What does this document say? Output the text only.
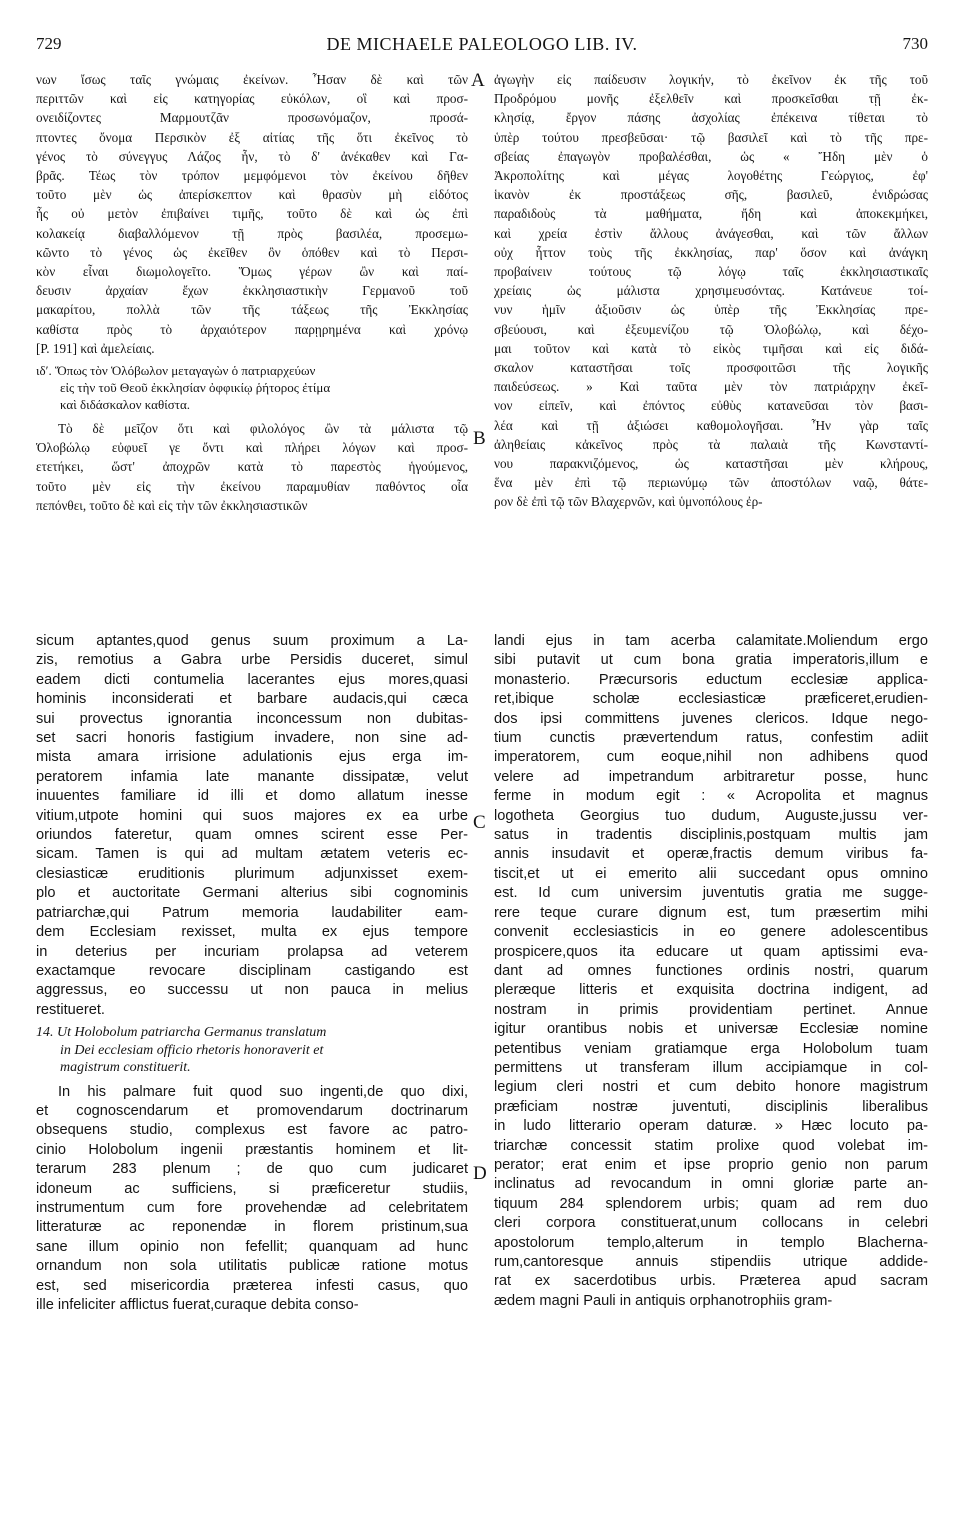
729	DE MICHAELE PALEOLOGO LIB. IV.	730
A
B
C
D
νων ἴσως ταῖς γνώμαις ἐκείνων. Ἦσαν δὲ καὶ τῶν
περιττῶν καὶ εἰς κατηγορίας εὐκόλων, οἳ καὶ προσ-
ονειδίζοντες Μαρμουτζᾶν προσωνόμαζον, προσά-
πτοντες ὄνομα Περσικὸν ἐξ αἰτίας τῆς ὅτι ἐκεῖνος τὸ
γένος τὸ σύνεγγυς Λάζος ἦν, τὸ δ' ἀνέκαθεν καὶ Γα-
βρᾶς. Τέως τὸν τρόπον μεμφόμενοι τὸν ἐκείνου δῆθεν
τοῦτο μὲν ὡς ἀπερίσκεπτον καὶ θρασὺν μὴ εἰδότος
ἧς οὐ μετὸν ἐπιβαίνει τιμῆς, τοῦτο δὲ καὶ ὡς ἐπὶ
κολακείᾳ διαβαλλόμενον τῇ πρὸς βασιλέα, προσεμω-
κῶντο τὸ γένος ὡς ἐκεῖθεν ὂν ὁπόθεν καὶ τὸ Περσι-
κὸν εἶναι διωμολογεῖτο. Ὅμως γέρων ὢν καὶ παί-
δευσιν ἀρχαίαν ἔχων ἐκκλησιαστικὴν Γερμανοῦ τοῦ
μακαρίτου, πολλὰ τῶν τῆς τάξεως τῆς Ἐκκλησίας
καθίστα πρὸς τὸ ἀρχαιότερον παρῃρημένα καὶ χρόνῳ
[P. 191] καὶ ἀμελείαις.
ιδʹ. Ὅπως τὸν Ὁλόβωλον μεταγαγὼν ὁ πατριαρχεύων
εἰς τὴν τοῦ Θεοῦ ἐκκλησίαν ὀφφικίῳ ῥήτορος ἐτίμα
καὶ διδάσκαλον καθίστα.
Τὸ δὲ μεῖζον ὅτι καὶ φιλολόγος ὢν τὰ μάλιστα τῷ
Ὁλοβώλῳ εὐφυεῖ γε ὄντι καὶ πλήρει λόγων καὶ προσ-
ετετήκει, ὥστ' ἀποχρῶν κατὰ τὸ παρεστὸς ἡγούμενος,
τοῦτο μὲν εἰς τὴν ἐκείνου παραμυθίαν παθόντος οἷα
πεπόνθει, τοῦτο δὲ καὶ εἰς τὴν τῶν ἐκκλησιαστικῶν
ἀγωγὴν εἰς παίδευσιν λογικήν, τὸ ἐκεῖνον ἐκ τῆς τοῦ
Προδρόμου μονῆς ἐξελθεῖν καὶ προσκεῖσθαι τῇ ἐκ-
κλησίᾳ, ἔργον πάσης ἀσχολίας ἐπέκεινα τίθεται τὸ
ὑπὲρ τούτου πρεσβεῦσαι· τῷ βασιλεῖ καὶ τὸ τῆς πρε-
σβείας ἐπαγωγὸν προβαλέσθαι, ὡς « Ἤδη μὲν ὁ
Ἀκροπολίτης καὶ μέγας λογοθέτης Γεώργιος, ἐφ'
ἱκανὸν ἐκ προστάξεως σῆς, βασιλεῦ, ἐνιδρώσας
παραδιδοὺς τὰ μαθήματα, ἤδη καὶ ἀποκεκμήκει,
καὶ χρεία ἐστὶν ἄλλους ἀνάγεσθαι, καὶ τῶν ἄλλων
οὐχ ἧττον τοὺς τῆς ἐκκλησίας, παρ' ὅσον καὶ ἀνάγκη
προβαίνειν τούτους τῷ λόγῳ ταῖς ἐκκλησιαστικαῖς
χρείαις ὡς μάλιστα χρησιμευσόντας. Κατάνευε τοί-
νυν ἡμῖν ἀξιοῦσιν ὡς ὑπὲρ τῆς Ἐκκλησίας πρε-
σβεύουσι, καὶ ἐξευμενίζου τῷ Ὁλοβώλῳ, καὶ δέχο-
μαι τοῦτον καὶ κατὰ τὸ εἰκὸς τιμῆσαι καὶ εἰς διδά-
σκαλον καταστῆσαι τοῖς προσφοιτῶσι τῆς λογικῆς
παιδεύσεως. » Καὶ ταῦτα μὲν τὸν πατριάρχην ἐκεῖ-
νον εἰπεῖν, καὶ ἐπόντος εὐθὺς κατανεῦσαι τὸν βασι-
λέα καὶ τῇ ἀξιώσει καθομολογῆσαι. Ἦν γὰρ ταῖς
ἀληθείαις κἀκεῖνος πρὸς τὰ παλαιὰ τῆς Κωνσταντί-
νου παρακνιζόμενος, ὡς καταστῆσαι μὲν κλήρους,
ἕνα μὲν ἐπὶ τῷ περιωνύμῳ τῶν ἀποστόλων ναῷ, θάτε-
ρον δὲ ἐπὶ τῷ τῶν Βλαχερνῶν, καὶ ὑμνοπόλους ἐρ-
sicum aptantes,quod genus suum proximum a La-
zis, remotius a Gabra urbe Persidis duceret, simul
eadem dicti contumelia lacerantes ejus mores,quasi
hominis inconsiderati et barbare audacis,qui cæca
sui provectus ignorantia inconcessum non dubitas-
set sacri honoris fastigium invadere, non sine ad-
mista amara irrisione adulationis ejus erga im-
peratorem infamia late manante dissipatæ, velut
inuuentes familiare id illi et domo allatum inesse
vitium,utpote homini qui suos majores ex ea urbe
oriundos fateretur, quam omnes scirent esse Per-
sicam. Tamen is qui ad multam ætatem veteris ec-
clesiasticæ eruditionis plurimum adjunxisset exem-
plo et auctoritate Germani alterius sibi cognominis
patriarchæ,qui Patrum memoria laudabiliter eam-
dem Ecclesiam rexisset, multa ex ejus tempore
in deterius per incuriam prolapsa ad veterem
exactamque revocare disciplinam castigando est
aggressus, eo successu ut non pauca in melius
restitueret.
14. Ut Holobolum patriarcha Germanus translatum
in Dei ecclesiam officio rhetoris honoraverit et
magistrum constituerit.
In his palmare fuit quod suo ingenti,de quo dixi,
et cognoscendarum et promovendarum doctrinarum
obsequens studio, complexus est favore ac patro-
cinio Holobolum ingenii præstantis hominem et lit-
terarum 283 plenum ; de quo cum judicaret
idoneum ac sufficiens, si præficeretur studiis,
instrumentum cum fore provehendæ ad celebritatem
litteraturæ ac reponendæ in florem pristinum,sua
sane illum opinio non fefellit; quanquam ad hunc
ornandum non sola utilitatis publicæ ratione motus
est, sed misericordia præterea infesti casus, quo
ille infeliciter afflictus fuerat,curaque debita conso-
landi ejus in tam acerba calamitate.Moliendum ergo
sibi putavit ut cum bona gratia imperatoris,illum e
monasterio. Præcursoris eductum ecclesiæ applica-
ret,ibique scholæ ecclesiasticæ præficeret,erudien-
dos ipsi committens juvenes clericos. Idque nego-
tium cunctis prævertendum ratus, confestim adiit
imperatorem, cum eoque,nihil non adhibens quod
velere ad impetrandum arbitraretur posse, hunc
ferme in modum egit : « Acropolita et magnus
logotheta Georgius tuo dudum, Auguste,jussu ver-
satus in tradentis disciplinis,postquam multis jam
annis insudavit et operæ,fractis demum viribus fa-
tiscit,et ut ei emerito alii succedant opus omnino
est. Id cum universim juventutis gratia me sugge-
rere teque curare dignum est, tum præsertim mihi
convenit ecclesiasticis in eo genere adolescentibus
prospicere,quos ita educare ut quam aptissimi eva-
dant ad omnes functiones ordinis nostri, quarum
pleræque litteris et exquisita doctrina indigent, ad
nostram in primis providentiam pertinet. Annue
igitur orantibus nobis et universæ Ecclesiæ nomine
petentibus veniam gratiamque erga Holobolum tuam
permittens ut transferam illum accipiamque in col-
legium cleri nostri et cum debito honore magistrum
præficiam nostræ juventuti, disciplinis liberalibus
in ludo litterario operam daturæ. » Hæc locuto pa-
triarchæ concessit statim prolixe quod volebat im-
perator; erat enim et ipse proprio genio non parum
inclinatus ad revocandum in omni gloriæ parte an-
tiquum 284 splendorem urbis; quam ad rem duo
cleri corpora constituerat,unum collocans in celebri
apostolorum templo,alterum in templo Blacherna-
rum,cantoresque annuis stipendiis utrique addide-
rat ex sacerdotibus urbis. Præterea apud sacram
ædem magni Pauli in antiquis orphanotrophiis gram-
